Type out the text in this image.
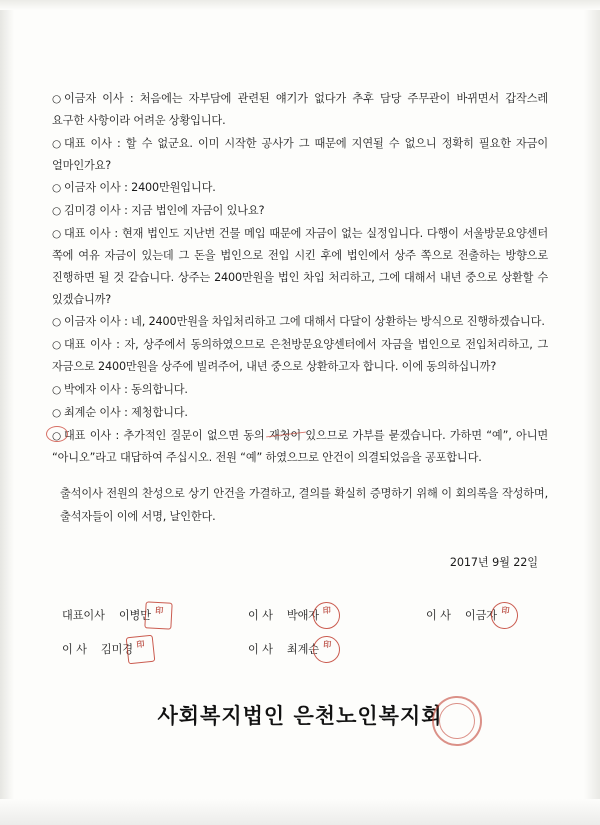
○ 이금자 이사 : 처음에는 자부담에 관련된 얘기가 없다가 추후 담당 주무관이 바뀌면서 갑작스레 요구한 사항이라 어려운 상황입니다.

○ 대표 이사 : 할 수 없군요. 이미 시작한 공사가 그 때문에 지연될 수 없으니 정확히 필요한 자금이 얼마인가요?

○ 이금자 이사 : 2400만원입니다.

○ 김미경 이사 : 지금 법인에 자금이 있나요?

○ 대표 이사 : 현재 법인도 지난번 건물 메입 때문에 자금이 없는 실정입니다. 다행이 서울방문요양센터 쪽에 여유 자금이 있는데 그 돈을 법인으로 전입 시킨 후에 법인에서 상주 쪽으로 전출하는 방향으로 진행하면 될 것 같습니다. 상주는 2400만원을 법인 차입 처리하고, 그에 대해서 내년 중으로 상환할 수 있겠습니까?

○ 이금자 이사 : 네, 2400만원을 차입처리하고 그에 대해서 다달이 상환하는 방식으로 진행하겠습니다.

○ 대표 이사 : 자, 상주에서 동의하였으므로 은천방문요양센터에서 자금을 법인으로 전입처리하고, 그 자금으로 2400만원을 상주에 빌려주어, 내년 중으로 상환하고자 합니다. 이에 동의하십니까?

○ 박에자 이사 : 동의합니다.

○ 최계순 이사 : 제청합니다.

○ 대표 이사 : 추가적인 질문이 없으면 동의 재청이 있으므로 가부를 묻겠습니다. 가하면 “예”, 아니면 “아니오”라고 대답하여 주십시오. 전원 “예” 하였으므로 안건이 의결되었음을 공포합니다.

출석이사 전원의 찬성으로 상기 안건을 가결하고, 결의를 확실히 증명하기 위해 이 회의록을 작성하며, 출석자들이 이에 서명, 날인한다.

2017년 9월 22일
대표이사 이병만 印	이 사 박애자 印	이 사 이금자 印
이 사 김미경 印	이 사 최계순 印
사회복지법인 은천노인복지회
